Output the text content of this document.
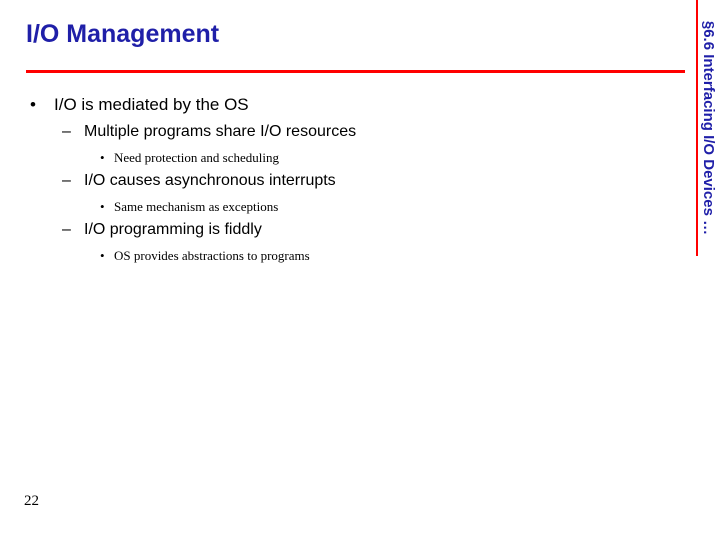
I/O Management	§6.6 Interfacing I/O Devices …
• I/O is mediated by the OS
– Multiple programs share I/O resources
• Need protection and scheduling
– I/O causes asynchronous interrupts
• Same mechanism as exceptions
– I/O programming is fiddly
• OS provides abstractions to programs
22
